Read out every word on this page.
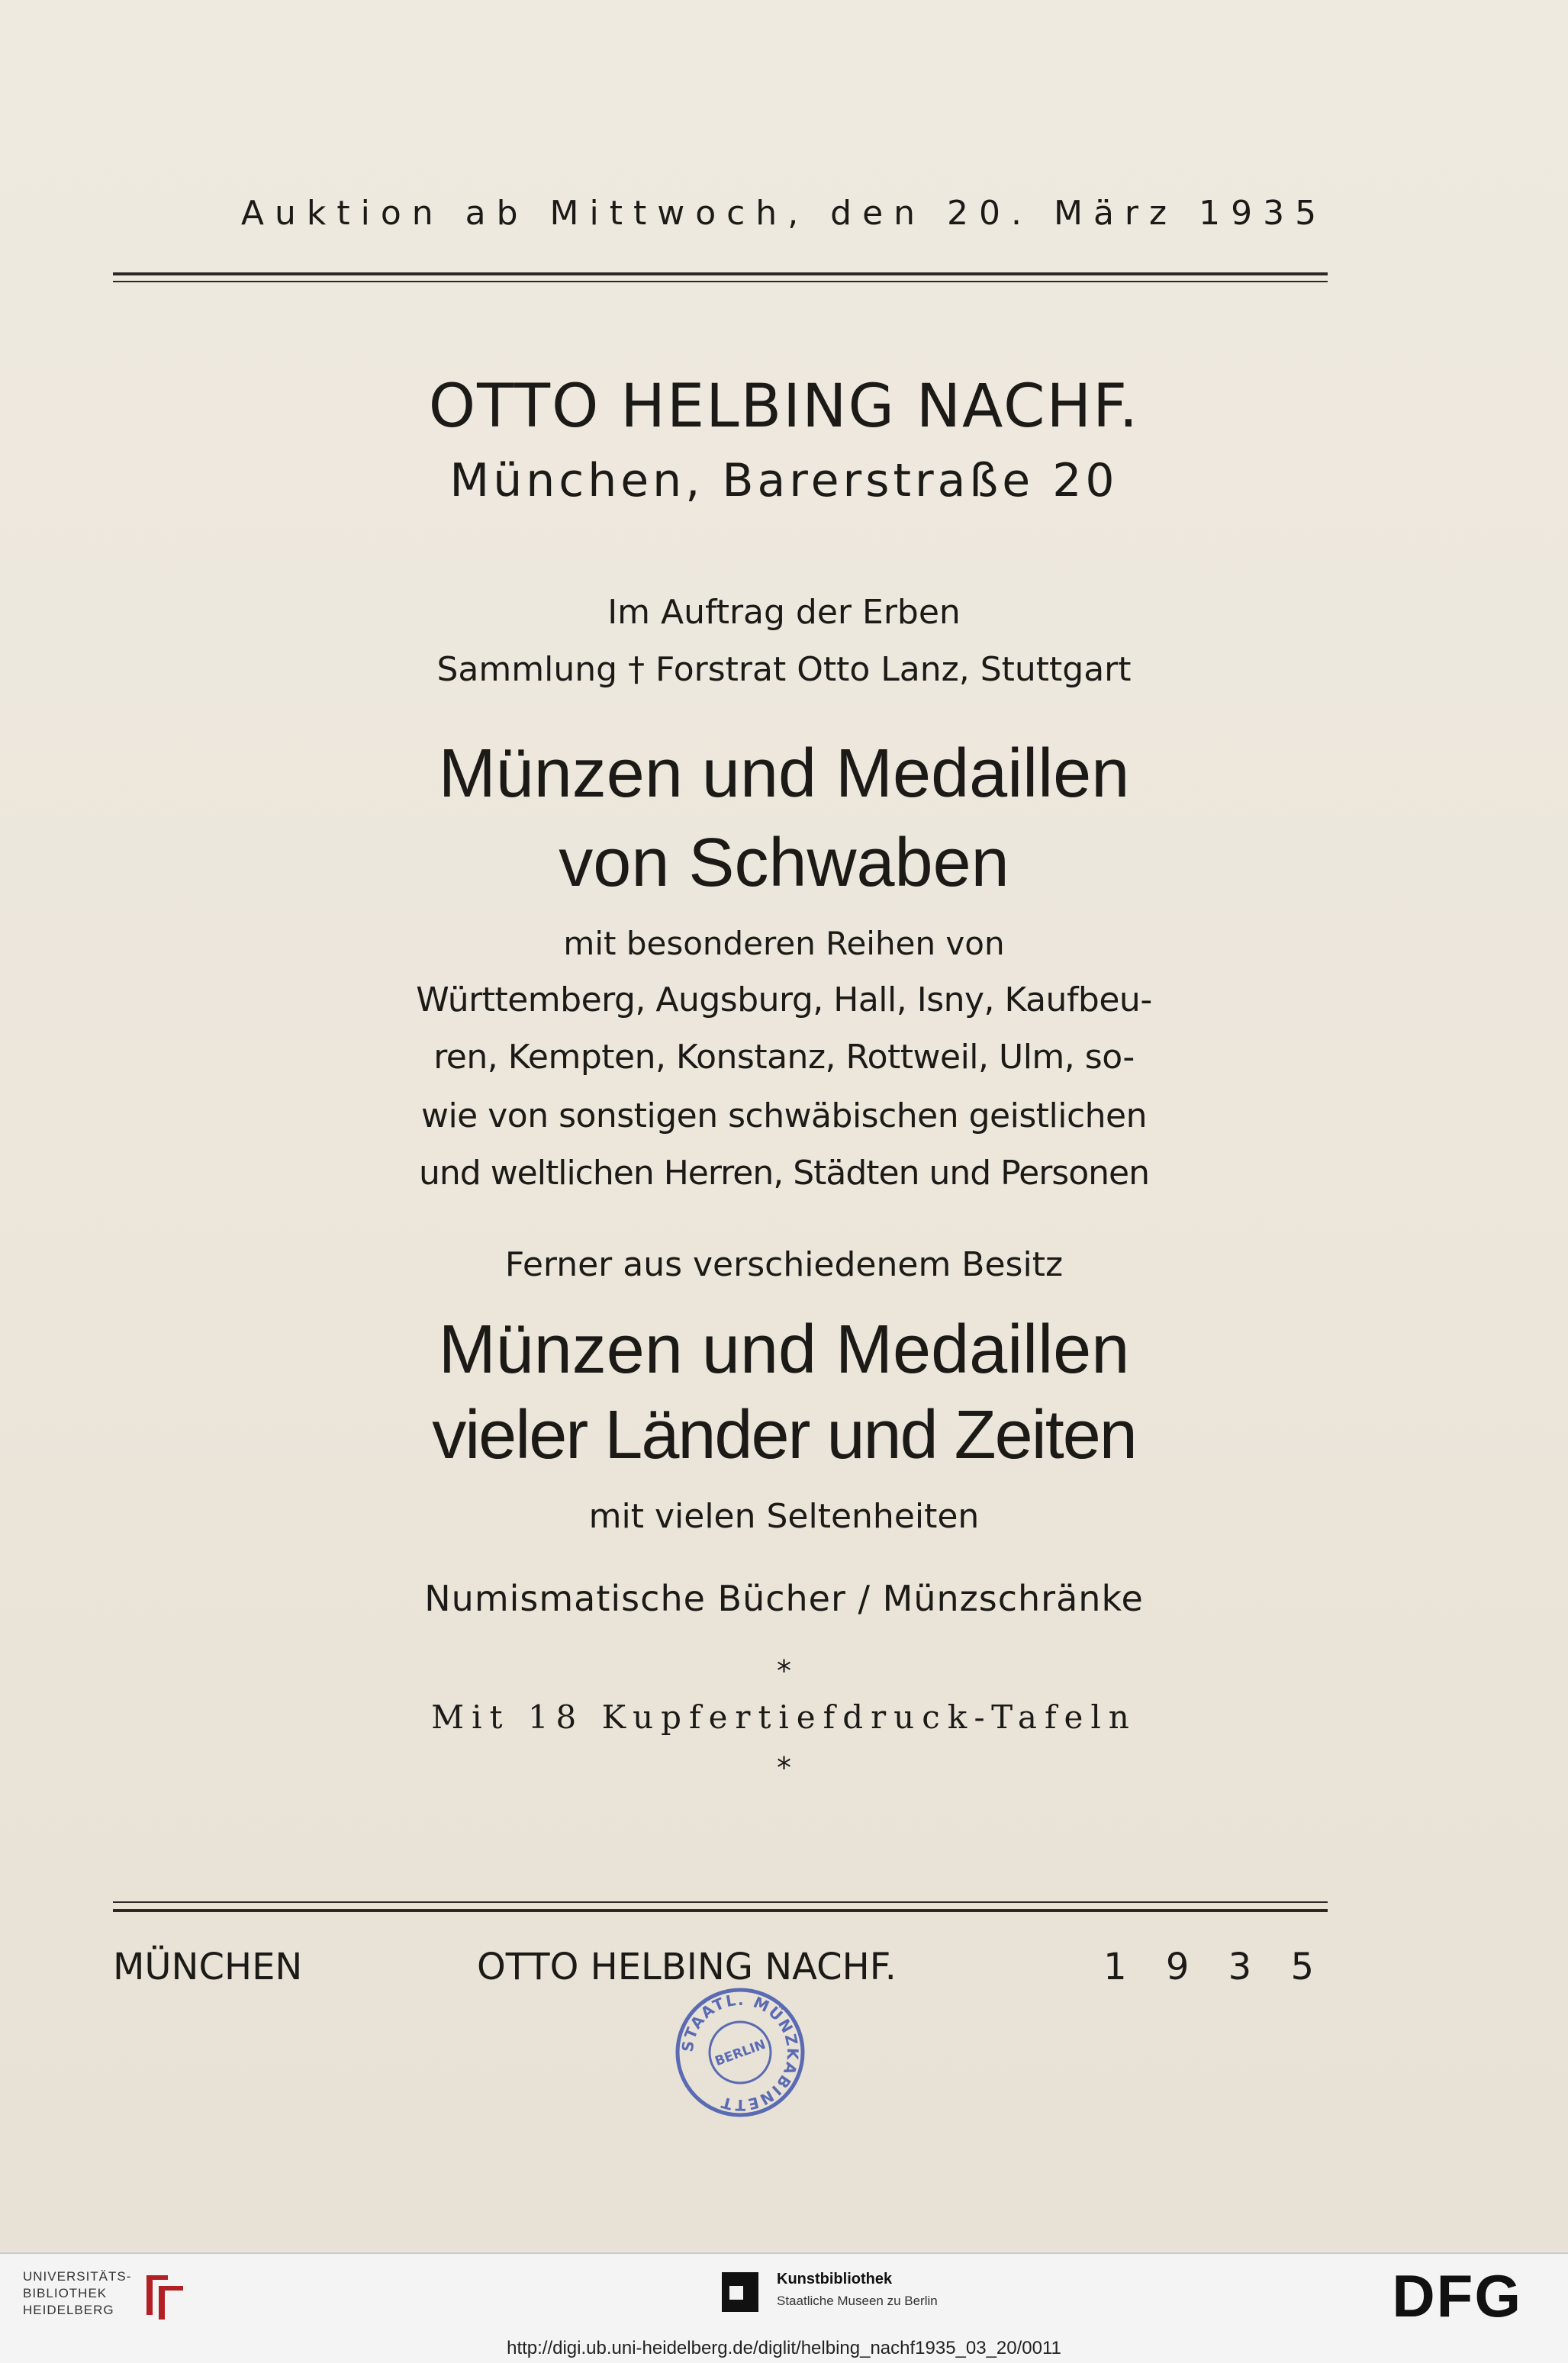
Auktion ab Mittwoch, den 20. März 1935
OTTO HELBING NACHF.
München, Barerstraße 20
Im Auftrag der Erben
Sammlung † Forstrat Otto Lanz, Stuttgart
Münzen und Medaillen
von Schwaben
mit besonderen Reihen von
Württemberg, Augsburg, Hall, Isny, Kaufbeu-
ren, Kempten, Konstanz, Rottweil, Ulm, so-
wie von sonstigen schwäbischen geistlichen
und weltlichen Herren, Städten und Personen
Ferner aus verschiedenem Besitz
Münzen und Medaillen
vieler Länder und Zeiten
mit vielen Seltenheiten
Numismatische Bücher / Münzschränke
*
Mit 18 Kupfertiefdruck-Tafeln
*
MÜNCHEN	OTTO HELBING NACHF.	1 9 3 5
STAATL. MÜNZKABINETT
BERLIN
UNIVERSITÄTS-
BIBLIOTHEK
HEIDELBERG
Kunstbibliothek
Staatliche Museen zu Berlin	DFG
http://digi.ub.uni-heidelberg.de/diglit/helbing_nachf1935_03_20/0011
